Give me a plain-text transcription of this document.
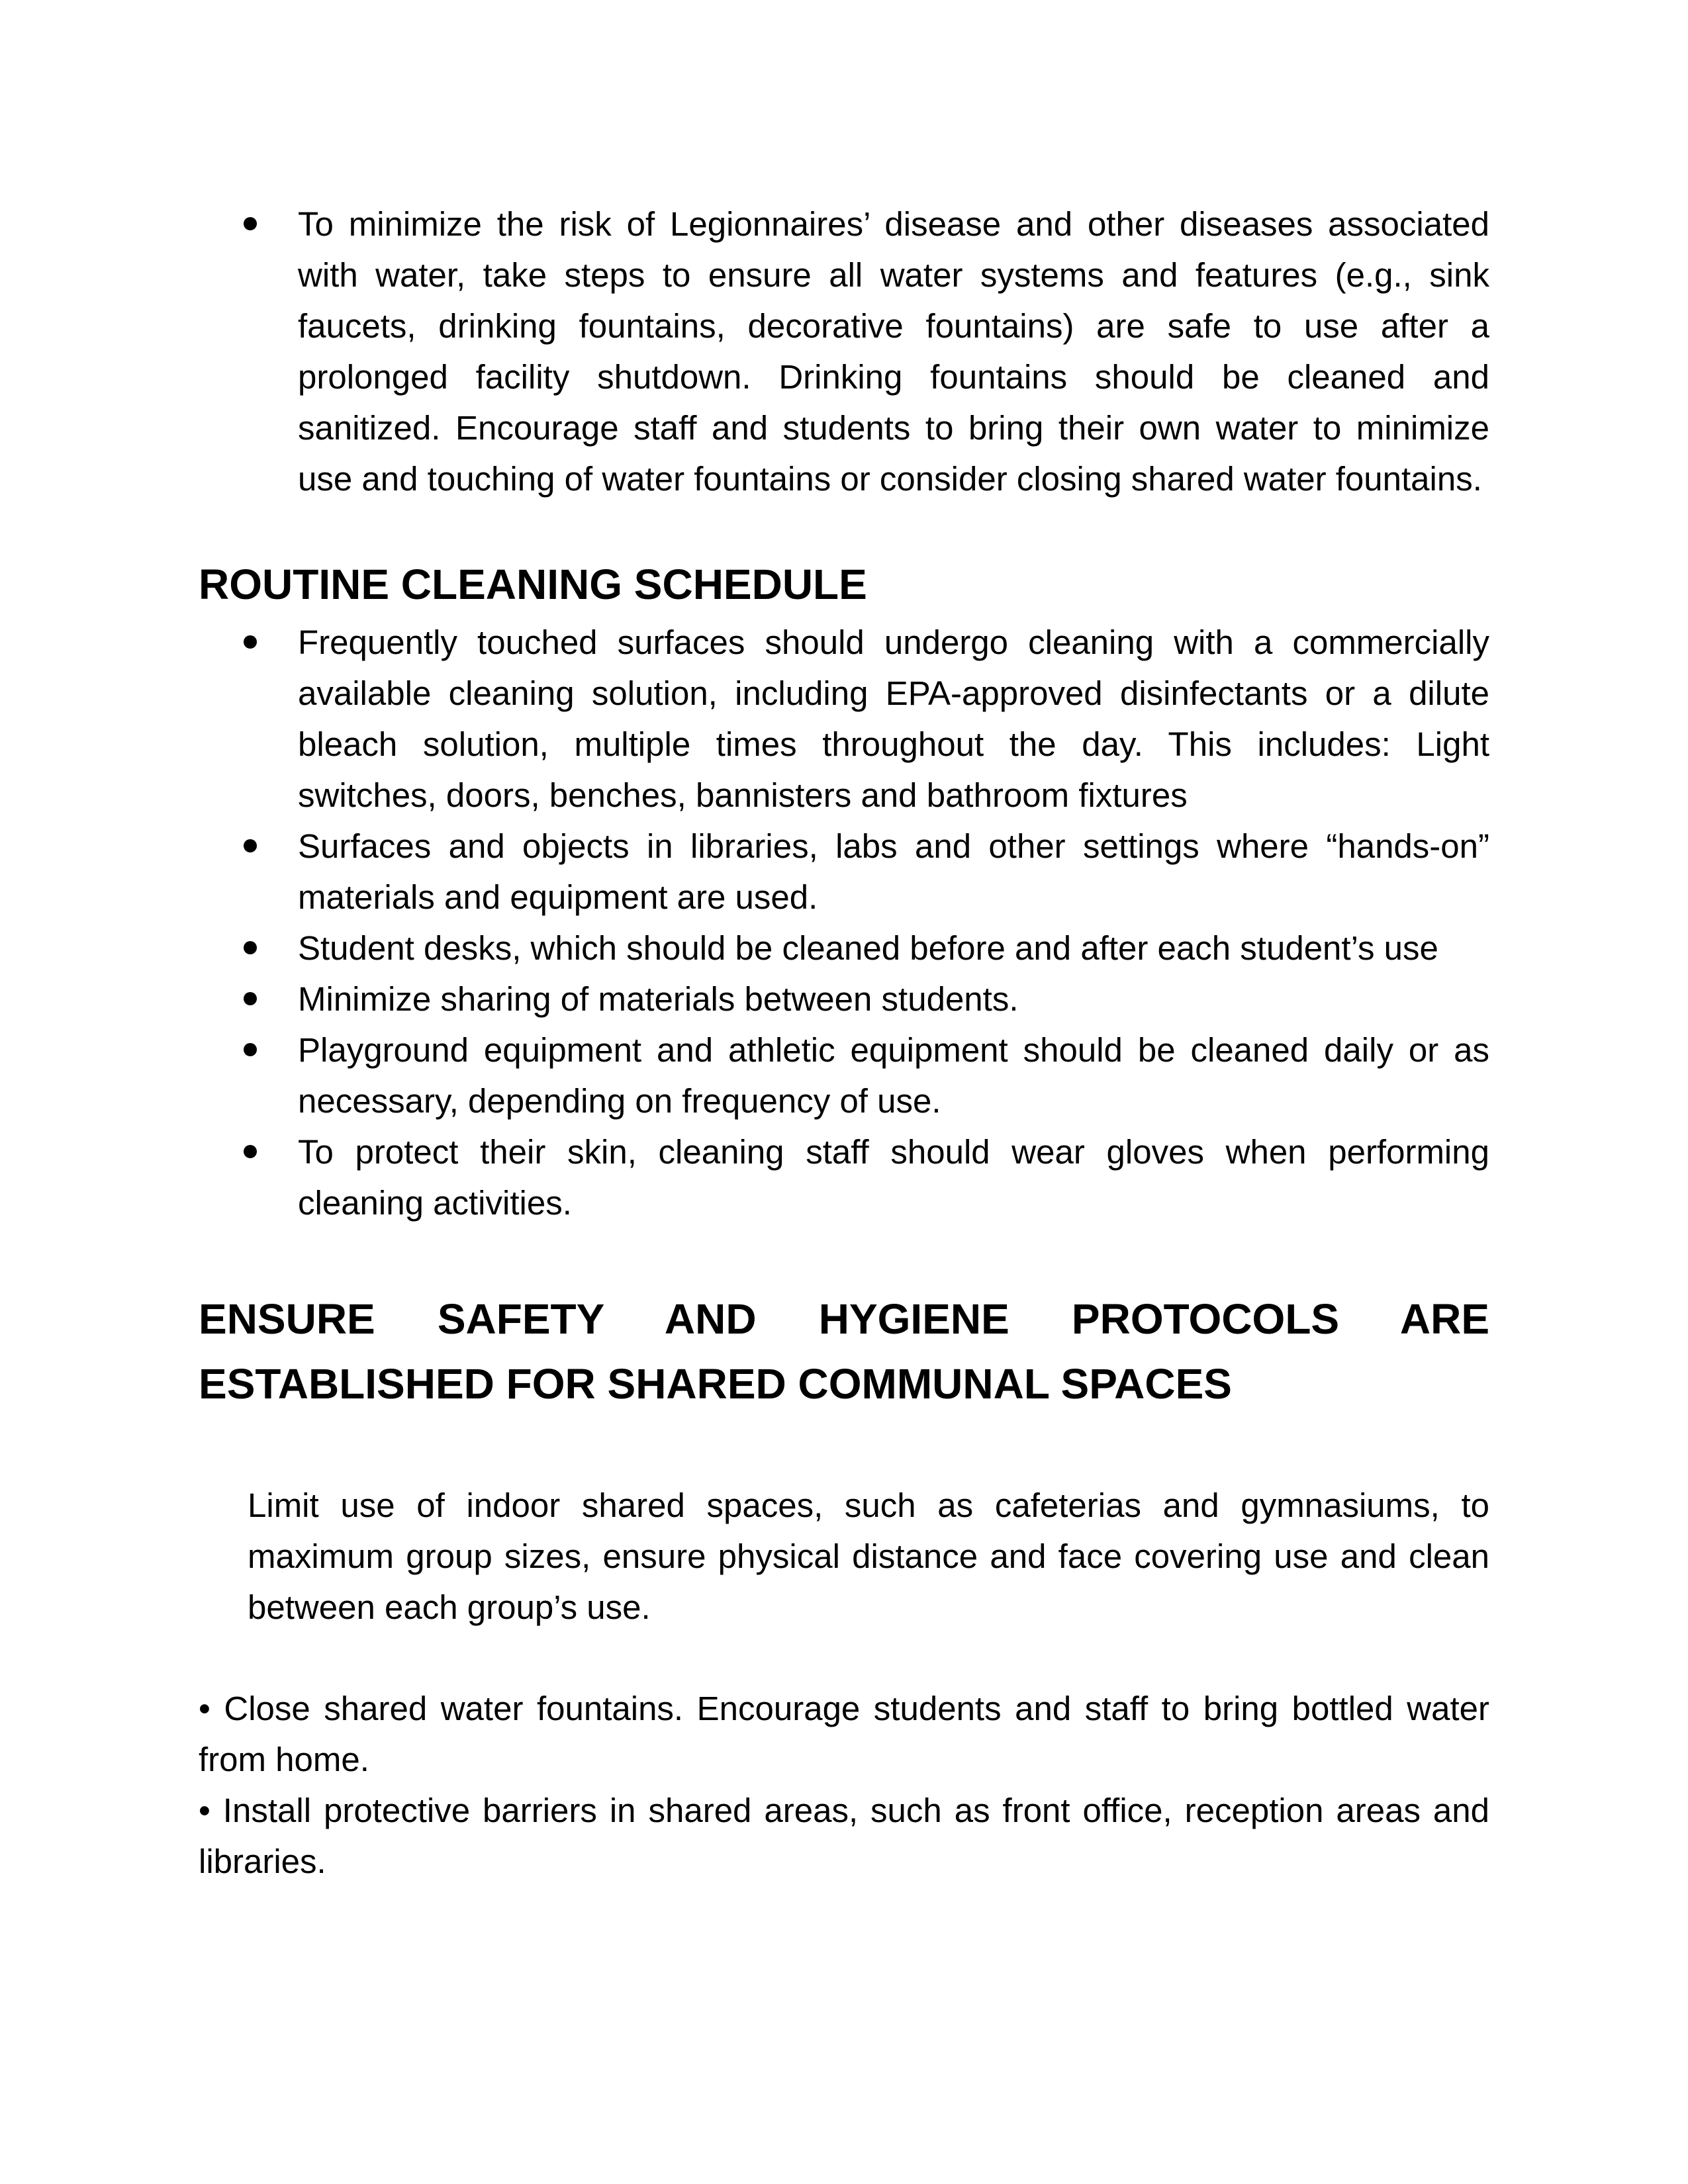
To minimize the risk of Legionnaires’ disease and other diseases associated with water, take steps to ensure all water systems and features (e.g., sink faucets, drinking fountains, decorative fountains) are safe to use after a prolonged facility shutdown. Drinking fountains should be cleaned and sanitized. Encourage staff and students to bring their own water to minimize use and touching of water fountains or consider closing shared water fountains.
ROUTINE CLEANING SCHEDULE
Frequently touched surfaces should undergo cleaning with a commercially available cleaning solution, including EPA-approved disinfectants or a dilute bleach solution, multiple times throughout the day. This includes: Light switches, doors, benches, bannisters and bathroom fixtures
Surfaces and objects in libraries, labs and other settings where “hands-on” materials and equipment are used.
Student desks, which should be cleaned before and after each student’s use
Minimize sharing of materials between students.
Playground equipment and athletic equipment should be cleaned daily or as necessary, depending on frequency of use.
To protect their skin, cleaning staff should wear gloves when performing cleaning activities.
ENSURE SAFETY AND HYGIENE PROTOCOLS ARE ESTABLISHED FOR SHARED COMMUNAL SPACES

Limit use of indoor shared spaces, such as cafeterias and gymnasiums, to maximum group sizes, ensure physical distance and face covering use and clean between each group’s use.

• Close shared water fountains. Encourage students and staff to bring bottled water from home.

• Install protective barriers in shared areas, such as front office, reception areas and libraries.
